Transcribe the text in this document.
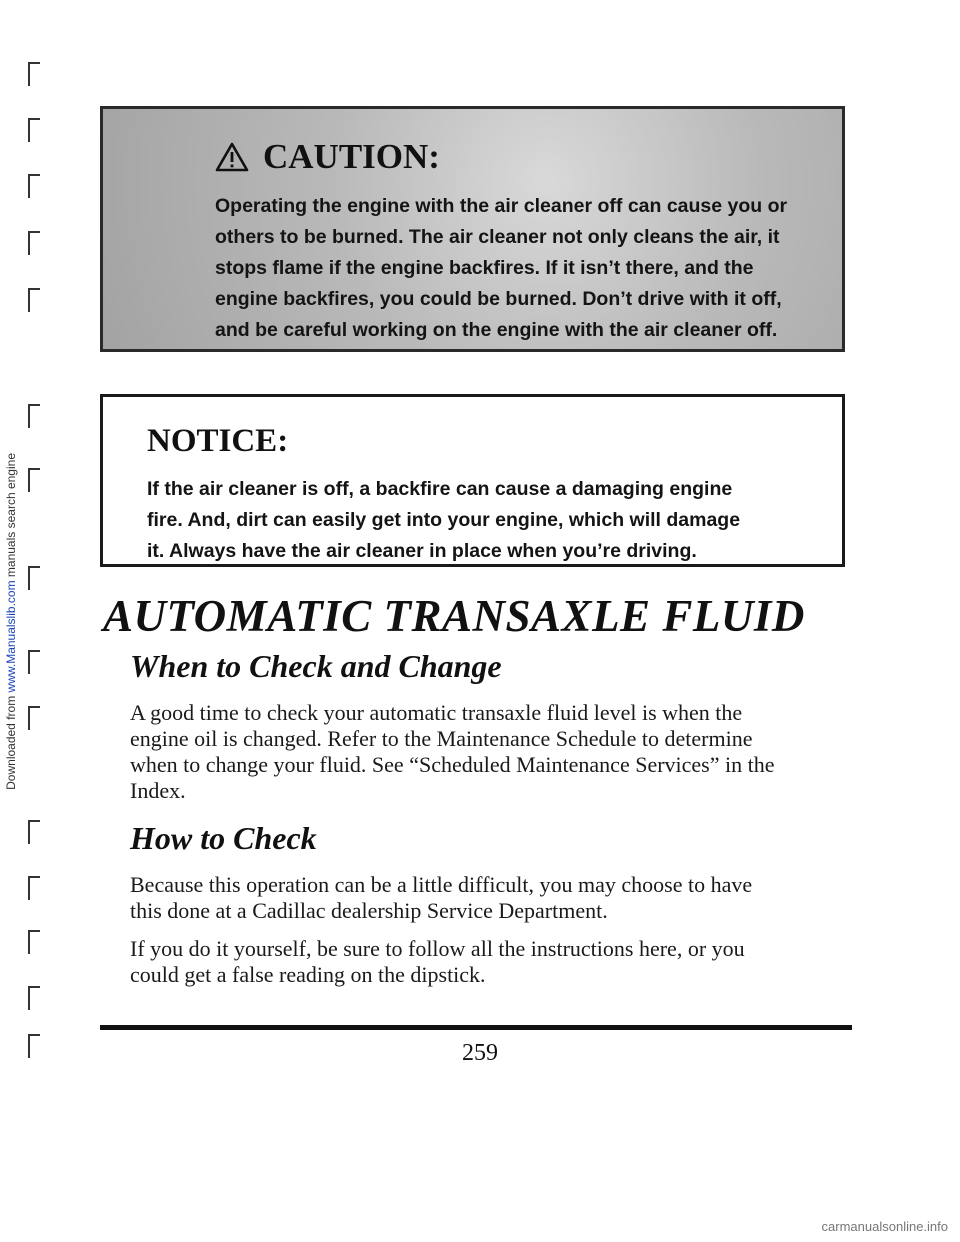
Downloaded from www.Manualslib.com manuals search engine
CAUTION:
Operating the engine with the air cleaner off can cause you or
others to be burned. The air cleaner not only cleans the air, it
stops flame if the engine backfires. If it isn’t there, and the
engine backfires, you could be burned. Don’t drive with it off,
and be careful working on the engine with the air cleaner off.
NOTICE:
If the air cleaner is off, a backfire can cause a damaging engine
fire. And, dirt can easily get into your engine, which will damage
it. Always have the air cleaner in place when you’re driving.
AUTOMATIC TRANSAXLE FLUID
When to Check and Change
A good time to check your automatic transaxle fluid level is when the
engine oil is changed. Refer to the Maintenance Schedule to determine
when to change your fluid. See “Scheduled Maintenance Services” in the
Index.
How to Check
Because this operation can be a little difficult, you may choose to have
this done at a Cadillac dealership Service Department.
If you do it yourself, be sure to follow all the instructions here, or you
could get a false reading on the dipstick.
259
carmanualsonline.info
